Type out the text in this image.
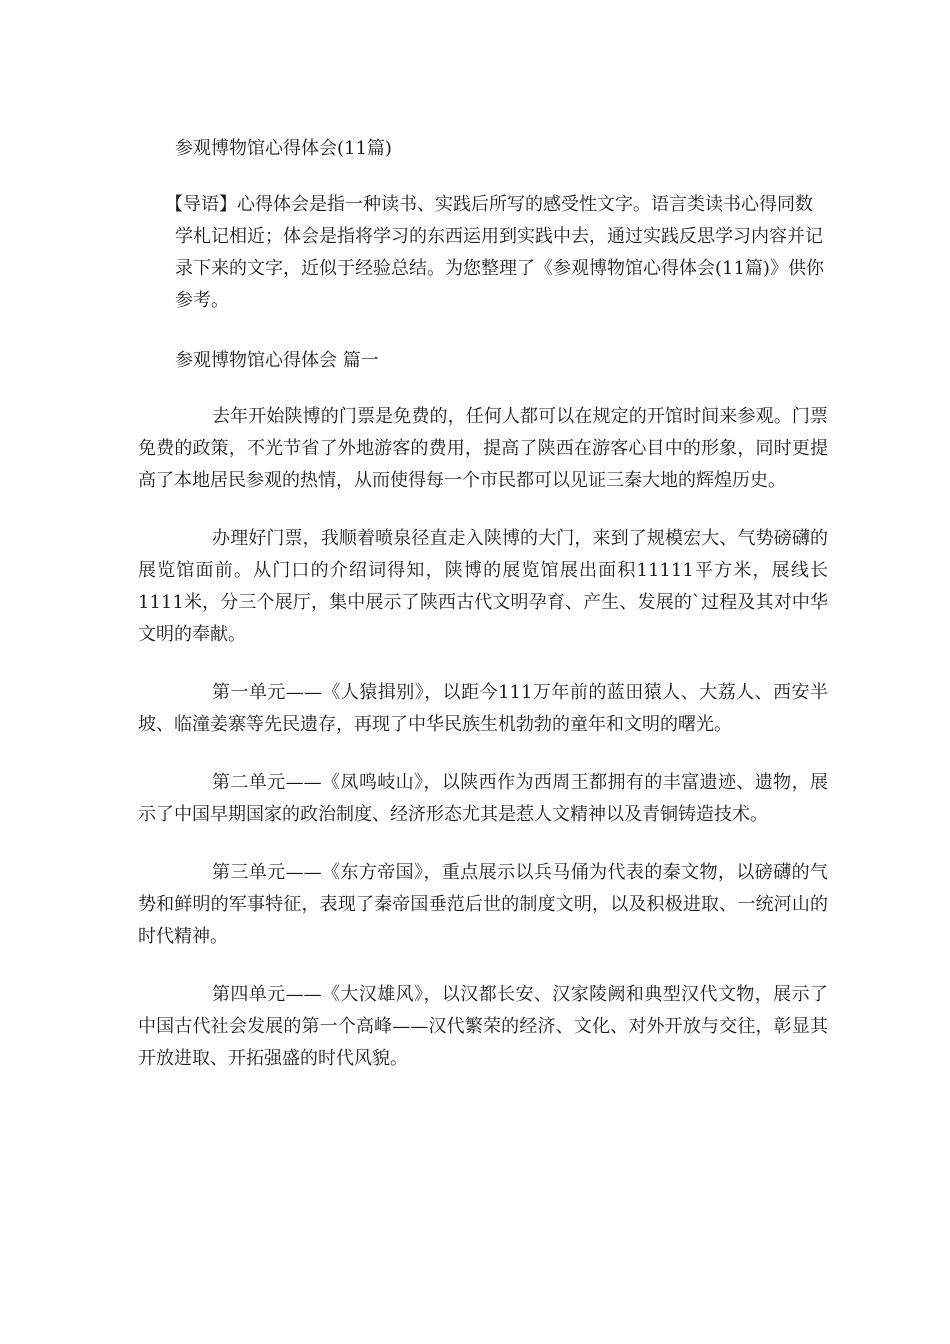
参观博物馆心得体会(11篇)

【导语】心得体会是指一种读书、实践后所写的感受性文字。语言类读书心得同数学札记相近；体会是指将学习的东西运用到实践中去，通过实践反思学习内容并记录下来的文字，近似于经验总结。为您整理了《参观博物馆心得体会(11篇)》供你参考。

参观博物馆心得体会 篇一

去年开始陕博的门票是免费的，任何人都可以在规定的开馆时间来参观。门票免费的政策，不光节省了外地游客的费用，提高了陕西在游客心目中的形象，同时更提高了本地居民参观的热情，从而使得每一个市民都可以见证三秦大地的辉煌历史。

办理好门票，我顺着喷泉径直走入陕博的大门，来到了规模宏大、气势磅礴的展览馆面前。从门口的介绍词得知，陕博的展览馆展出面积11111平方米，展线长1111米，分三个展厅，集中展示了陕西古代文明孕育、产生、发展的`过程及其对中华文明的奉献。

第一单元——《人猿揖别》，以距今111万年前的蓝田猿人、大荔人、西安半坡、临潼姜寨等先民遗存，再现了中华民族生机勃勃的童年和文明的曙光。

第二单元——《凤鸣岐山》，以陕西作为西周王都拥有的丰富遗迹、遗物，展示了中国早期国家的政治制度、经济形态尤其是惹人文精神以及青铜铸造技术。

第三单元——《东方帝国》，重点展示以兵马俑为代表的秦文物，以磅礴的气势和鲜明的军事特征，表现了秦帝国垂范后世的制度文明，以及积极进取、一统河山的时代精神。

第四单元——《大汉雄风》，以汉都长安、汉家陵阙和典型汉代文物，展示了中国古代社会发展的第一个高峰——汉代繁荣的经济、文化、对外开放与交往，彰显其开放进取、开拓强盛的时代风貌。
